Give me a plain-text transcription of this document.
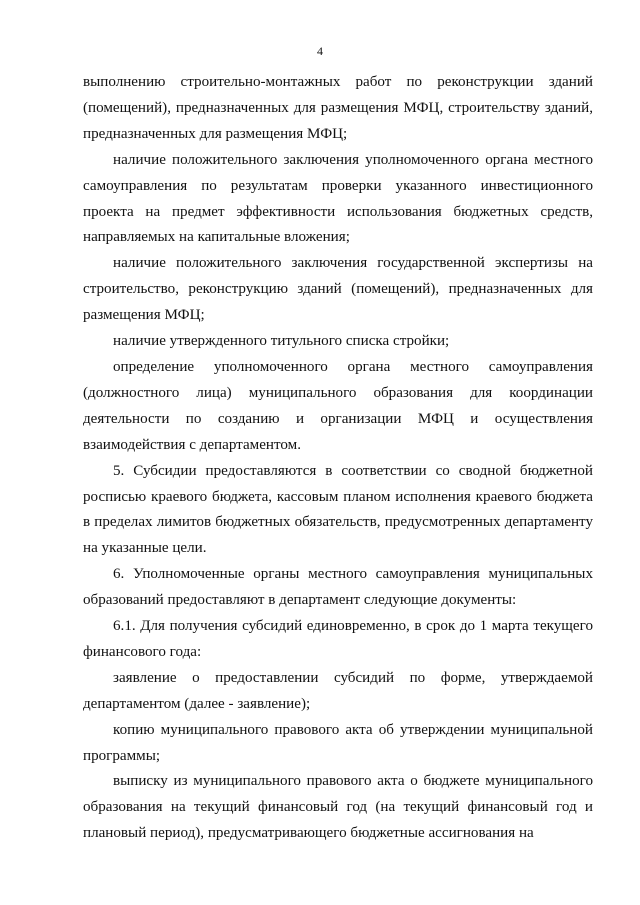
4

выполнению строительно-монтажных работ по реконструкции зданий (помещений), предназначенных для размещения МФЦ, строительству зданий, предназначенных для размещения МФЦ;

наличие положительного заключения уполномоченного органа местного самоуправления по результатам проверки указанного инвестиционного проекта на предмет эффективности использования бюджетных средств, направляемых на капитальные вложения;

наличие положительного заключения государственной экспертизы на строительство, реконструкцию зданий (помещений), предназначенных для размещения МФЦ;

наличие утвержденного титульного списка стройки;

определение уполномоченного органа местного самоуправления (должностного лица) муниципального образования для координации деятельности по созданию и организации МФЦ и осуществления взаимодействия с департаментом.

5. Субсидии предоставляются в соответствии со сводной бюджетной росписью краевого бюджета, кассовым планом исполнения краевого бюджета в пределах лимитов бюджетных обязательств, предусмотренных департаменту на указанные цели.

6. Уполномоченные органы местного самоуправления муниципальных образований предоставляют в департамент следующие документы:

6.1. Для получения субсидий единовременно, в срок до 1 марта текущего финансового года:

заявление о предоставлении субсидий по форме, утверждаемой департаментом (далее - заявление);

копию муниципального правового акта об утверждении муниципальной программы;

выписку из муниципального правового акта о бюджете муниципального образования на текущий финансовый год (на текущий финансовый год и плановый период), предусматривающего бюджетные ассигнования на
